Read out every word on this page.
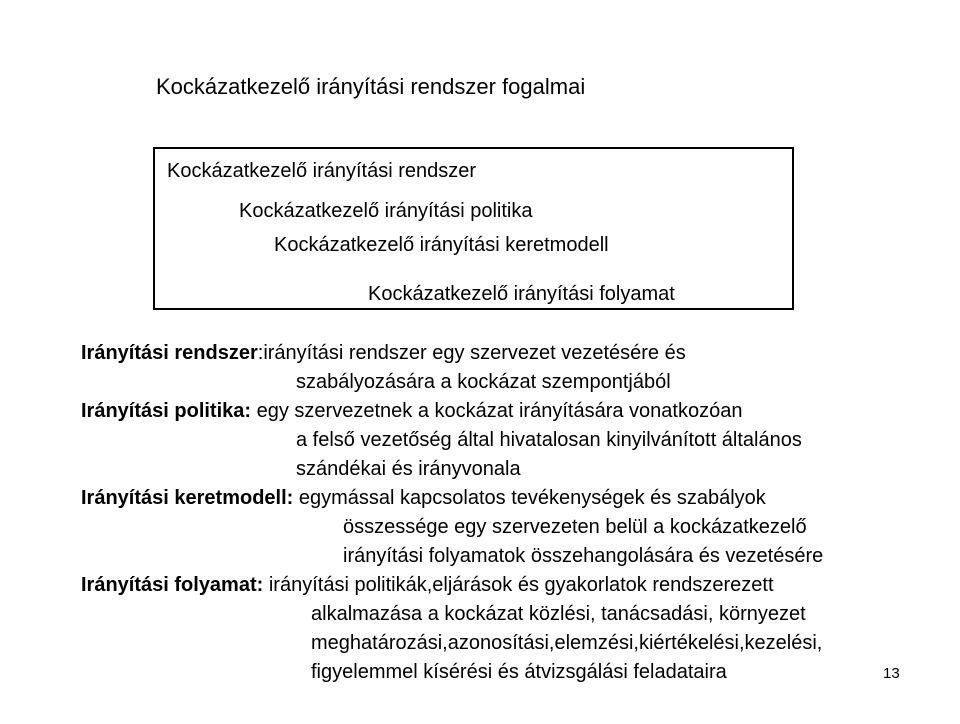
Kockázatkezelő irányítási rendszer fogalmai
Kockázatkezelő irányítási rendszer
Kockázatkezelő irányítási politika
Kockázatkezelő irányítási keretmodell
Kockázatkezelő irányítási folyamat
Irányítási rendszer:irányítási rendszer egy szervezet vezetésére és
szabályozására a kockázat szempontjából
Irányítási politika: egy szervezetnek a kockázat irányítására vonatkozóan
a felső vezetőség által hivatalosan kinyilvánított általános
szándékai és irányvonala
Irányítási keretmodell: egymással kapcsolatos tevékenységek és szabályok
összessége egy szervezeten belül a kockázatkezelő
irányítási folyamatok összehangolására és vezetésére
Irányítási folyamat: irányítási politikák,eljárások és gyakorlatok rendszerezett
alkalmazása a kockázat közlési, tanácsadási, környezet
meghatározási,azonosítási,elemzési,kiértékelési,kezelési,
figyelemmel kísérési és átvizsgálási feladataira	13
